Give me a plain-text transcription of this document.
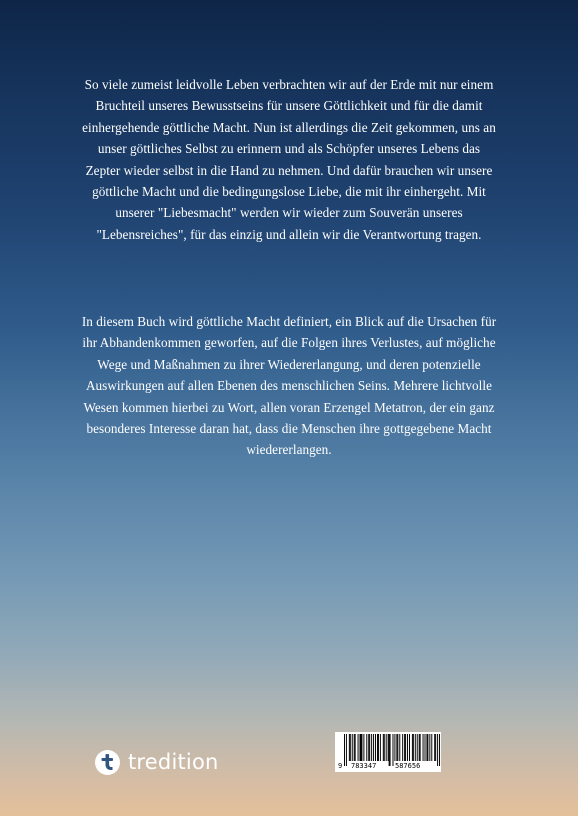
So viele zumeist leidvolle Leben verbrachten wir auf der Erde mit nur einem Bruchteil unseres Bewusstseins für unsere Göttlichkeit und für die damit einhergehende göttliche Macht. Nun ist allerdings die Zeit gekommen, uns an unser göttliches Selbst zu erinnern und als Schöpfer unseres Lebens das Zepter wieder selbst in die Hand zu nehmen. Und dafür brauchen wir unsere göttliche Macht und die bedingungslose Liebe, die mit ihr einhergeht. Mit unserer "Liebesmacht" werden wir wieder zum Souverän unseres "Lebensreiches", für das einzig und allein wir die Verantwortung tragen.

In diesem Buch wird göttliche Macht definiert, ein Blick auf die Ursachen für ihr Abhandenkommen geworfen, auf die Folgen ihres Verlustes, auf mögliche Wege und Maßnahmen zu ihrer Wiedererlangung, und deren potenzielle Auswirkungen auf allen Ebenen des menschlichen Seins. Mehrere lichtvolle Wesen kommen hierbei zu Wort, allen voran Erzengel Metatron, der ein ganz besonderes Interesse daran hat, dass die Menschen ihre gottgegebene Macht wiedererlangen.

tredition	9 783347	587656
